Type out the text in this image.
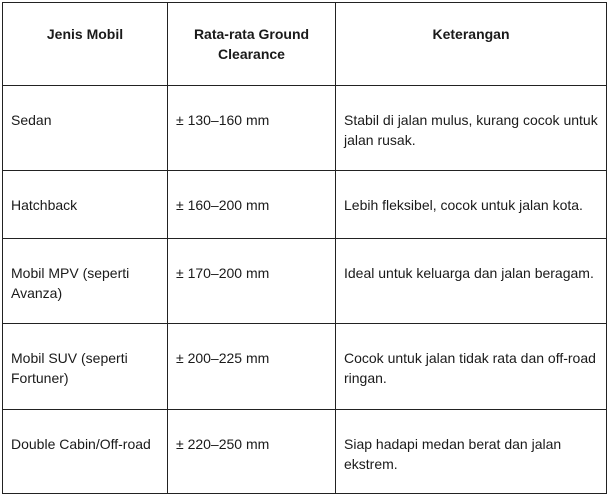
Jenis Mobil	Rata-rata Ground Clearance	Keterangan
Sedan	± 130–160 mm	Stabil di jalan mulus, kurang cocok untuk jalan rusak.
Hatchback	± 160–200 mm	Lebih fleksibel, cocok untuk jalan kota.
Mobil MPV (seperti Avanza)	± 170–200 mm	Ideal untuk keluarga dan jalan beragam.
Mobil SUV (seperti Fortuner)	± 200–225 mm	Cocok untuk jalan tidak rata dan off-road ringan.
Double Cabin/Off-road	± 220–250 mm	Siap hadapi medan berat dan jalan ekstrem.
